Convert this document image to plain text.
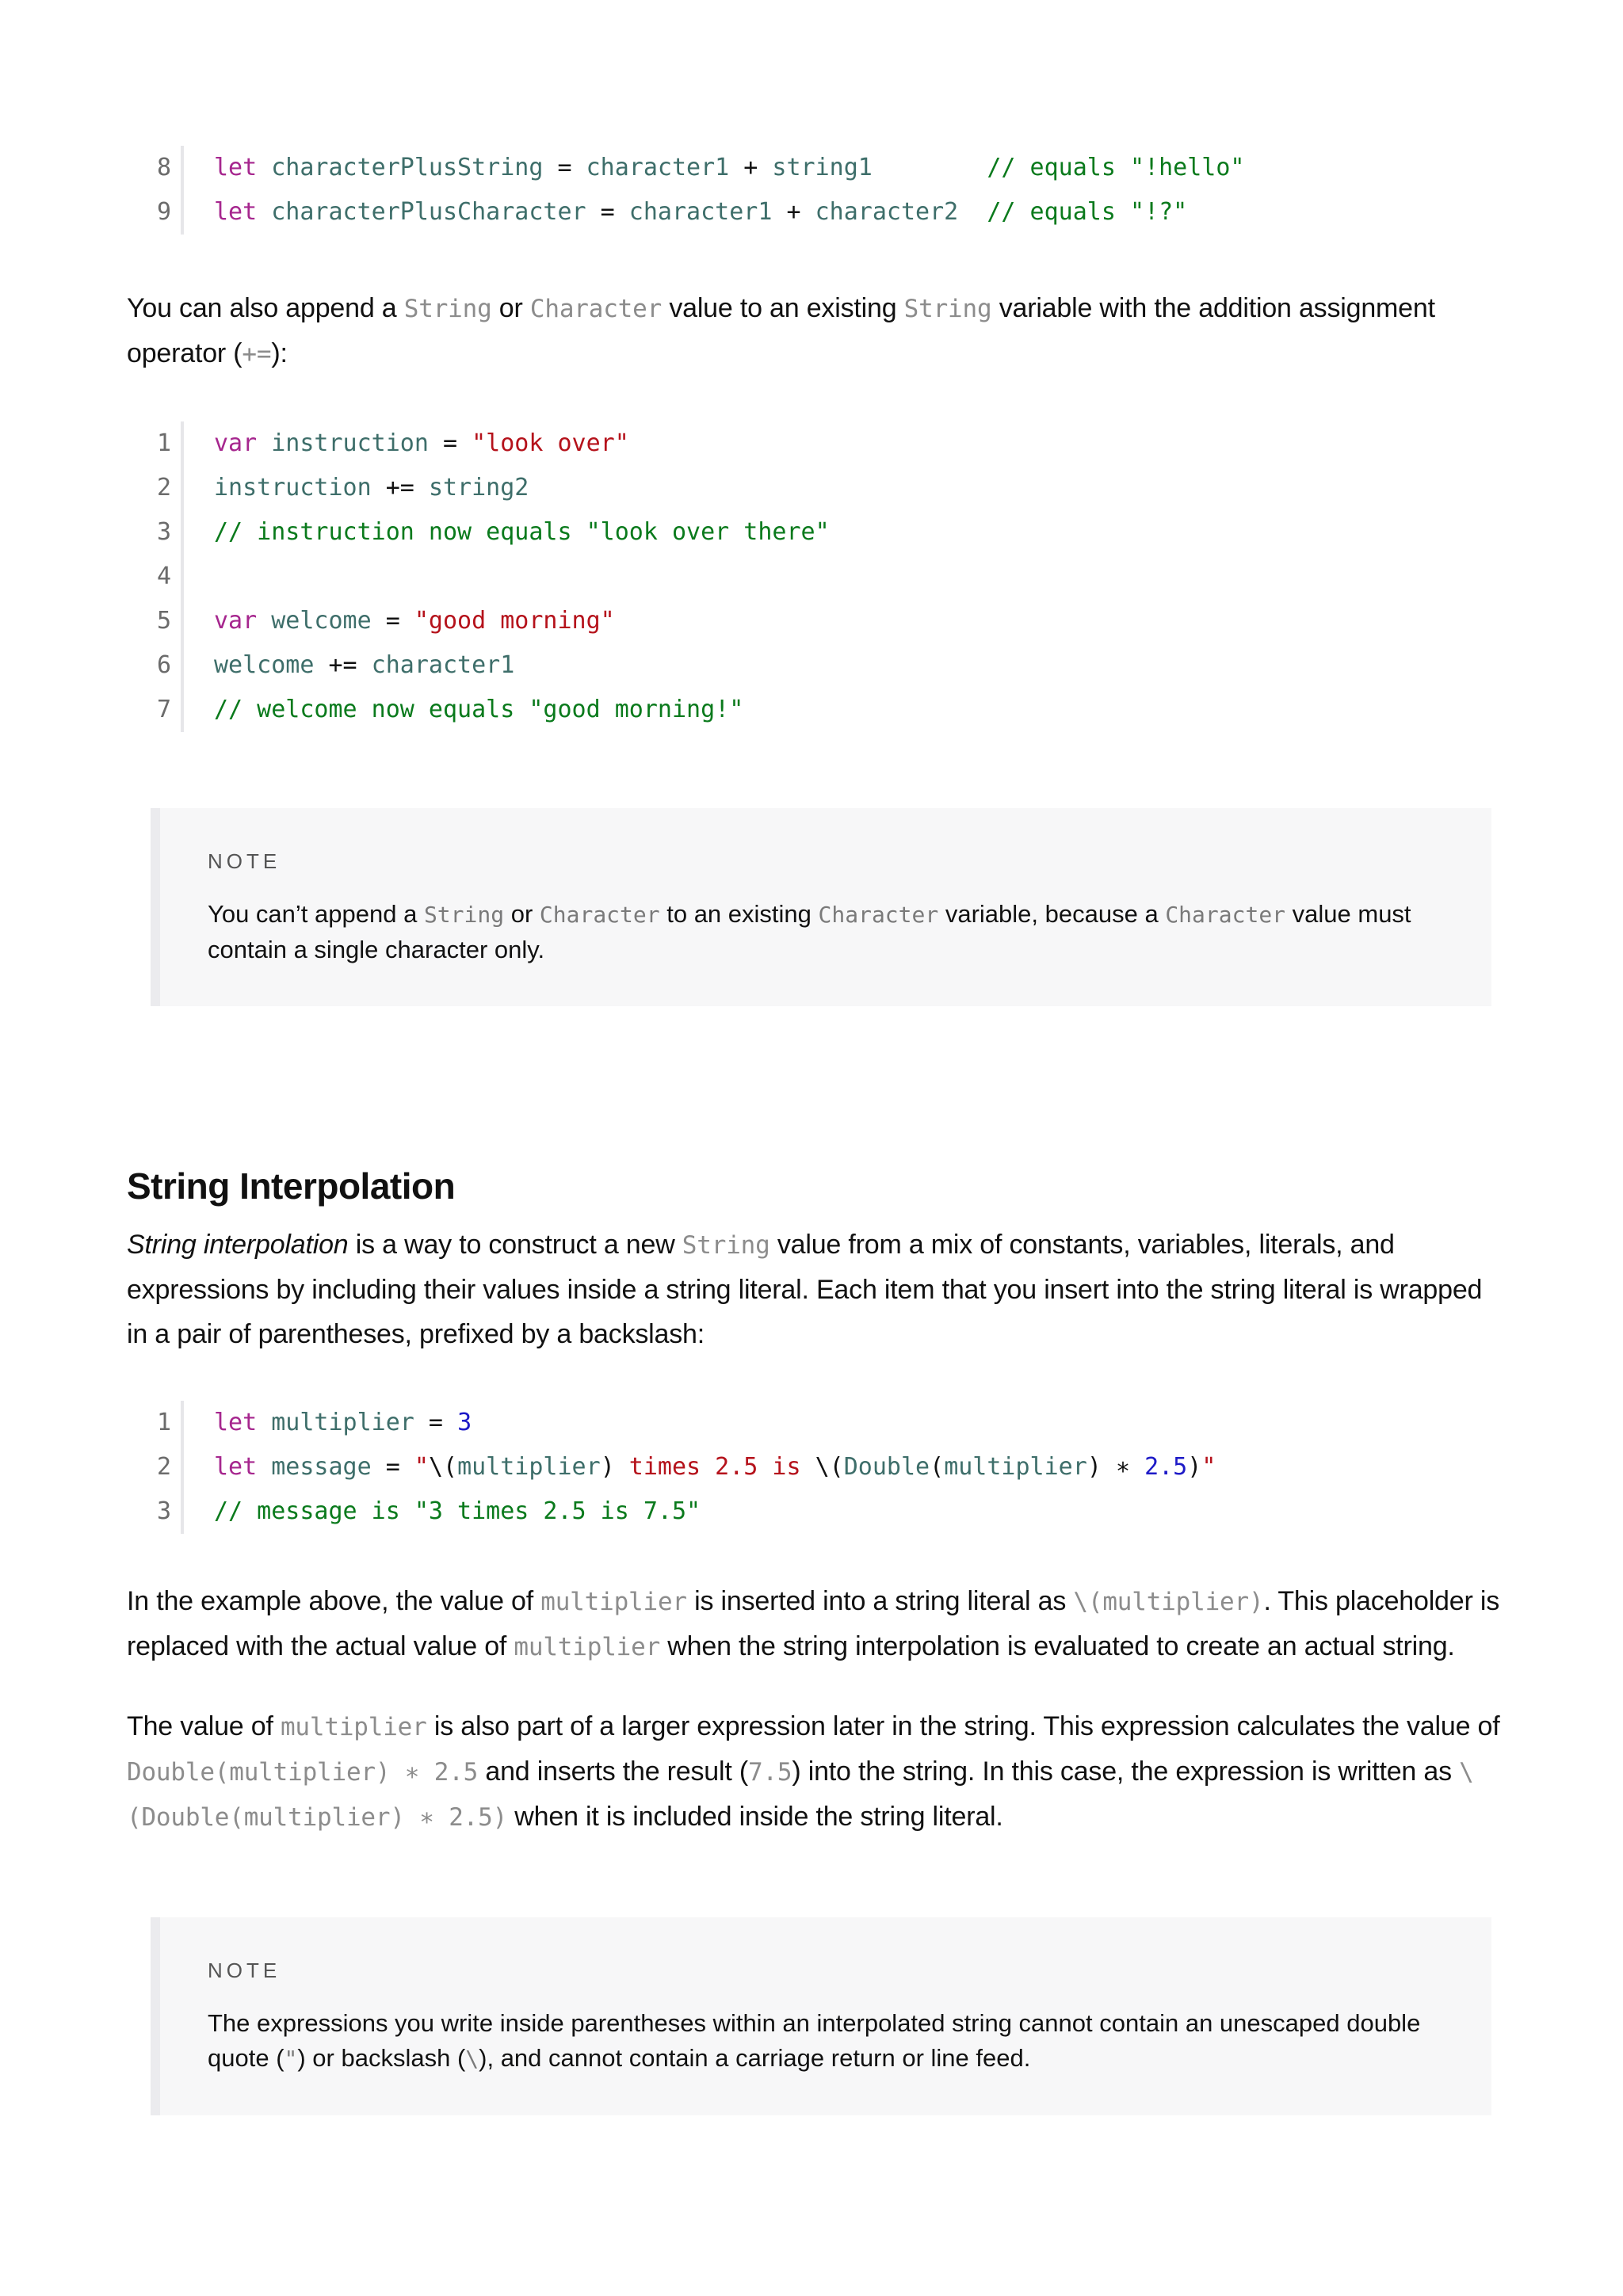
8 let characterPlusString = character1 + string1	// equals "!hello"
9 let characterPlusCharacter = character1 + character2 // equals "!?"
You can also append a String or Character value to an existing String variable with the addition assignment operator (+=):
1 var instruction = "look over"
2 instruction += string2
3 // instruction now equals "look over there"
4
5 var welcome = "good morning"
6 welcome += character1
7 // welcome now equals "good morning!"
NOTE
You can’t append a String or Character to an existing Character variable, because a Character value must contain a single character only.
String Interpolation
String interpolation is a way to construct a new String value from a mix of constants, variables, literals, and expressions by including their values inside a string literal. Each item that you insert into the string literal is wrapped in a pair of parentheses, prefixed by a backslash:
1 let multiplier = 3
2 let message = "\(multiplier) times 2.5 is \(Double(multiplier) ∗ 2.5)"
3 // message is "3 times 2.5 is 7.5"
In the example above, the value of multiplier is inserted into a string literal as \(multiplier). This placeholder is replaced with the actual value of multiplier when the string interpolation is evaluated to create an actual string.
The value of multiplier is also part of a larger expression later in the string. This expression calculates the value of Double(multiplier) ∗ 2.5 and inserts the result (7.5) into the string. In this case, the expression is written as \(Double(multiplier) ∗ 2.5) when it is included inside the string literal.
NOTE
The expressions you write inside parentheses within an interpolated string cannot contain an unescaped double quote (") or backslash (\), and cannot contain a carriage return or line feed.
